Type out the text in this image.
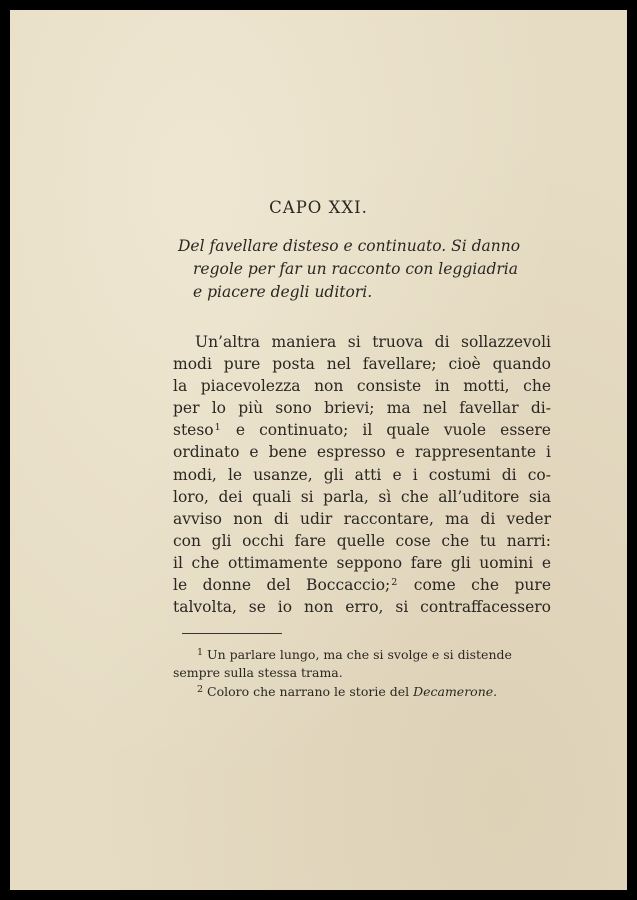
CAPO XXI.
Del favellare disteso e continuato. Si danno
regole per far un racconto con leggiadria
e piacere degli uditori.
Un’altra maniera si truova di sollazzevoli
modi pure posta nel favellare; cioè quando
la piacevolezza non consiste in motti, che
per lo più sono brievi; ma nel favellar di-
steso$^1$ e continuato; il quale vuole essere
ordinato e bene espresso e rappresentante i
modi, le usanze, gli atti e i costumi di co-
loro, dei quali si parla, sì che all’uditore sia
avviso non di udir raccontare, ma di veder
con gli occhi fare quelle cose che tu narri:
il che ottimamente seppono fare gli uomini e
le donne del Boccaccio;$^2$ come che pure
talvolta, se io non erro, si contraffacessero
$^1$ Un parlare lungo, ma che si svolge e si distende
sempre sulla stessa trama.
$^2$ Coloro che narrano le storie del Decamerone.
